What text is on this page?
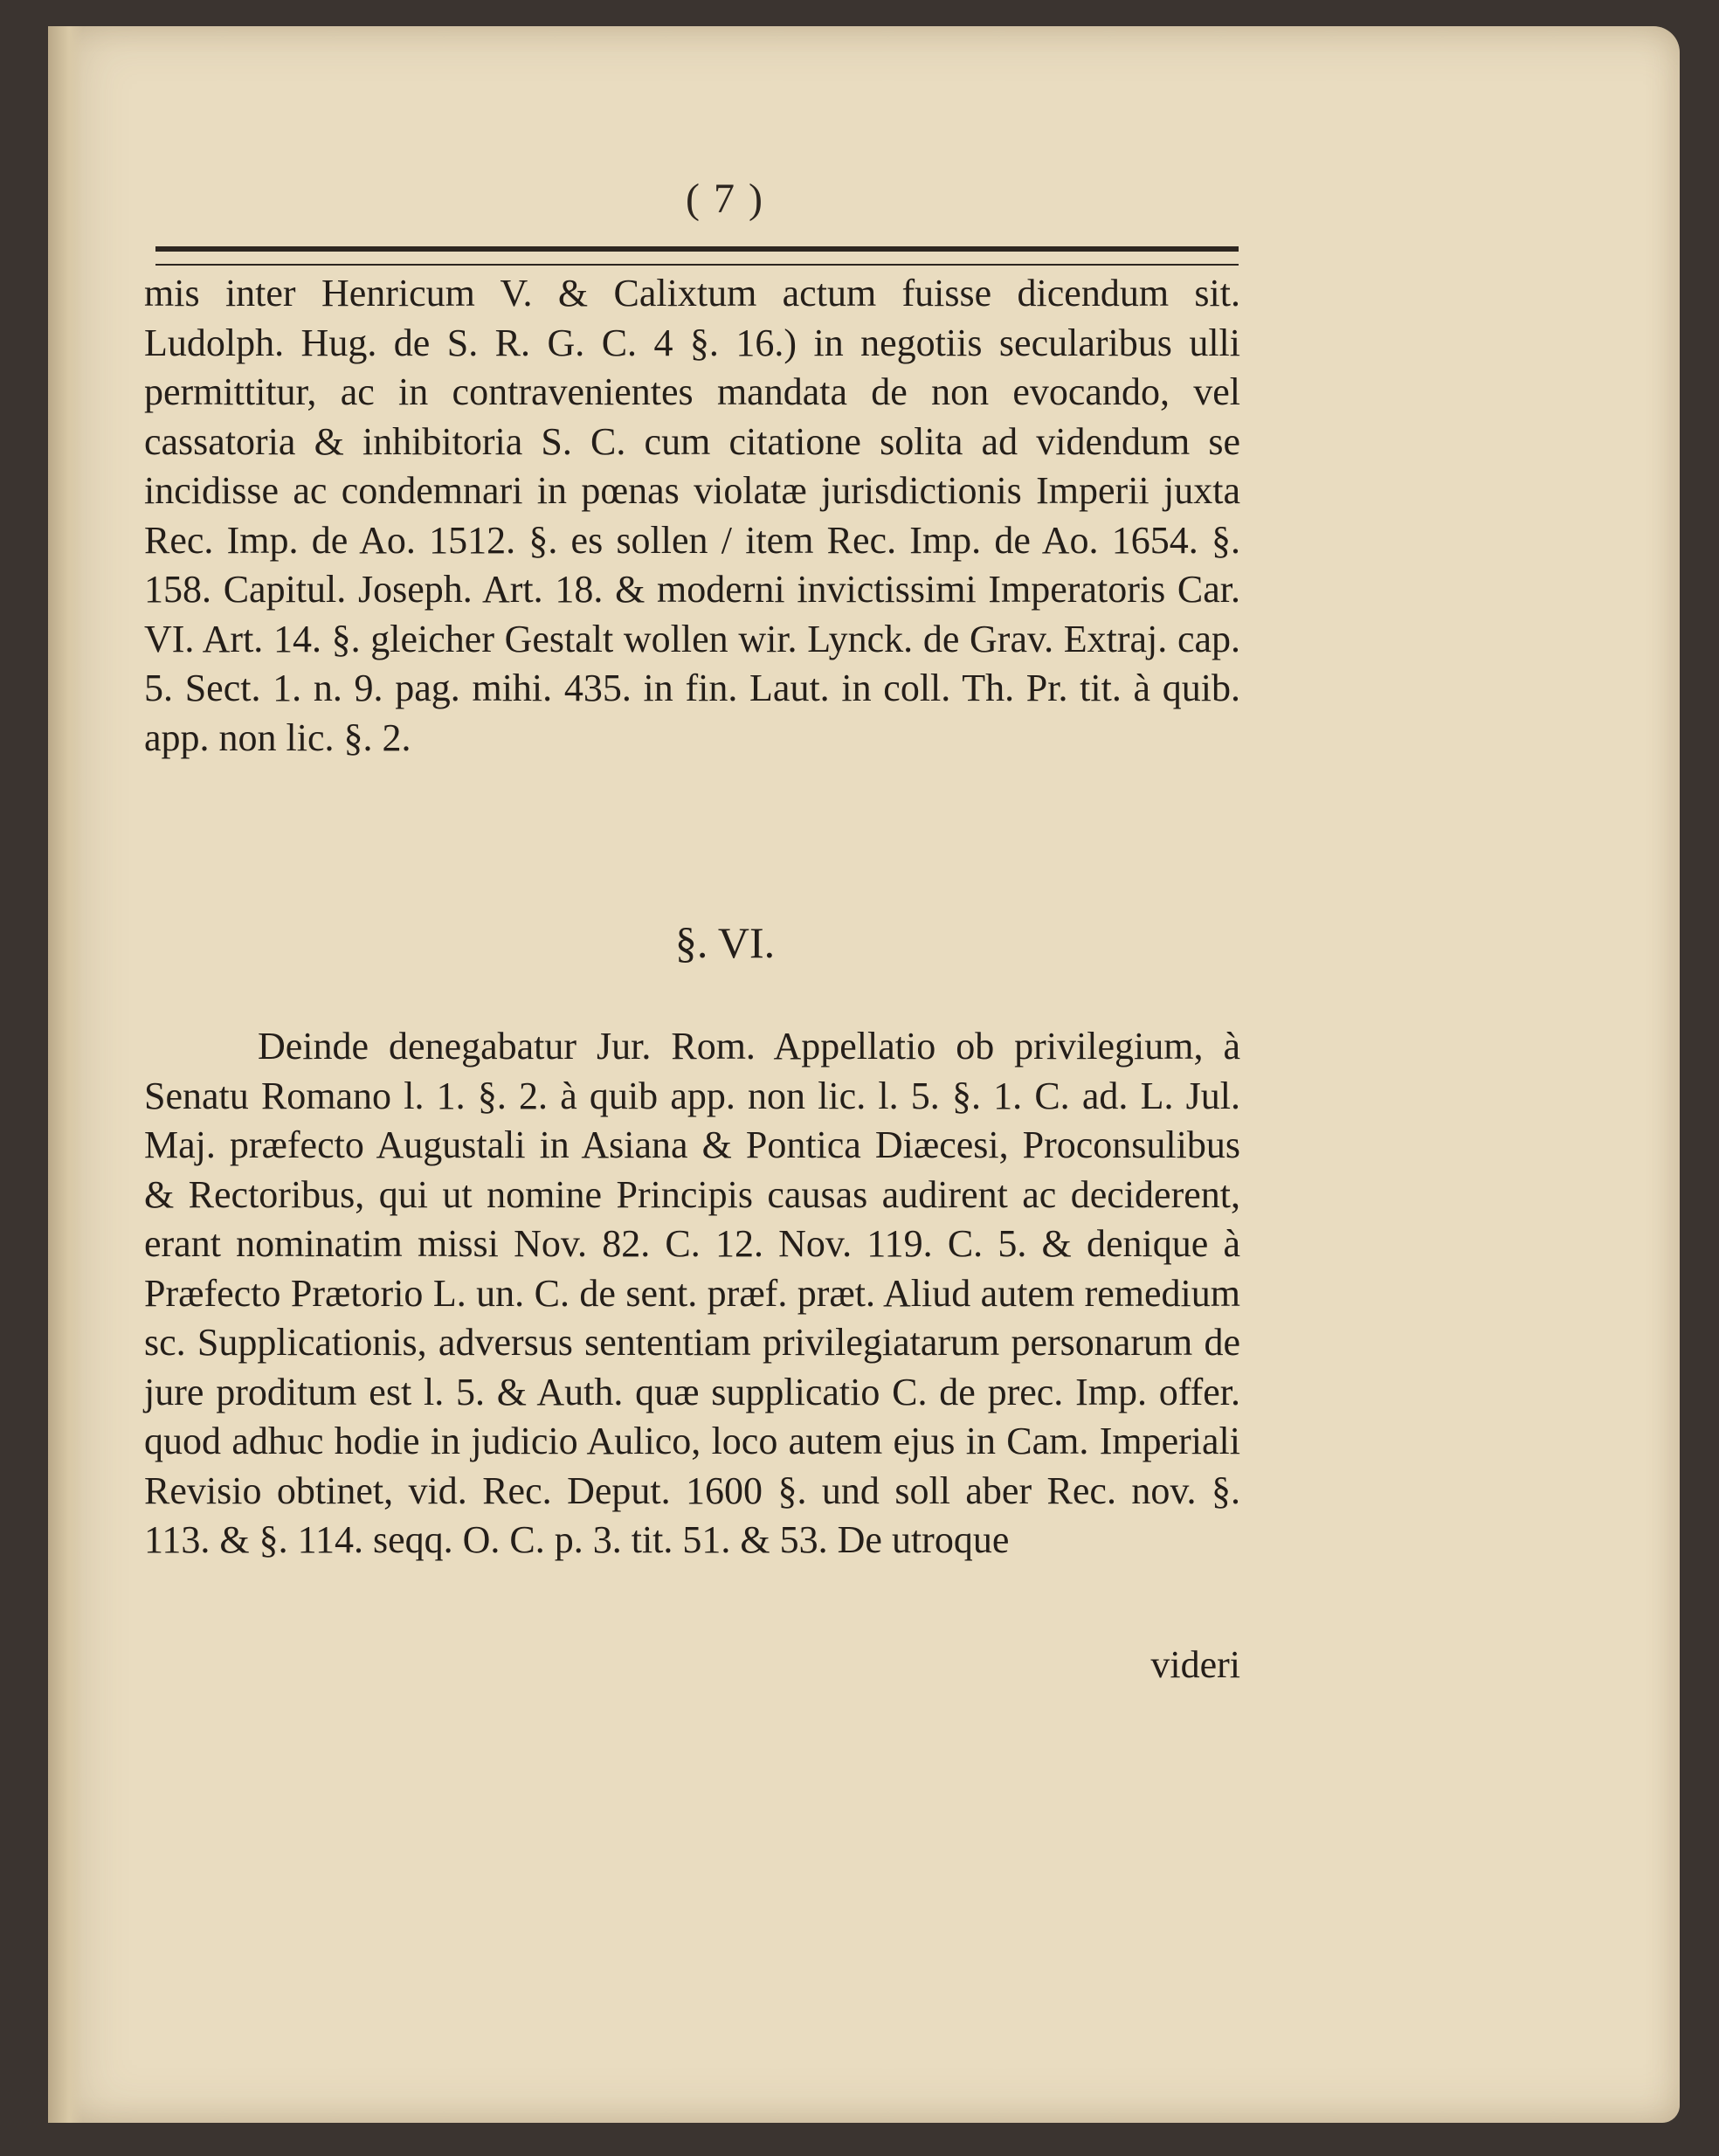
( 7 )

mis inter Henricum V. & Calixtum actum fuisse dicendum sit. Ludolph. Hug. de S. R. G. C. 4 §. 16.) in negotiis secularibus ulli permittitur, ac in contravenientes mandata de non evocando, vel cassatoria & inhibitoria S. C. cum citatione solita ad videndum se incidisse ac condemnari in pœnas violatæ jurisdictionis Imperii juxta Rec. Imp. de Ao. 1512. §. es sollen / item Rec. Imp. de Ao. 1654. §. 158. Capitul. Joseph. Art. 18. & moderni invictissimi Imperatoris Car. VI. Art. 14. §. gleicher Gestalt wollen wir. Lynck. de Grav. Extraj. cap. 5. Sect. 1. n. 9. pag. mihi. 435. in fin. Laut. in coll. Th. Pr. tit. à quib. app. non lic. §. 2.

§. VI.

Deinde denegabatur Jur. Rom. Appellatio ob privilegium, à Senatu Romano l. 1. §. 2. à quib app. non lic. l. 5. §. 1. C. ad. L. Jul. Maj. præfecto Augustali in Asiana & Pontica Diæcesi, Proconsulibus & Rectoribus, qui ut nomine Principis causas audirent ac deciderent, erant nominatim missi Nov. 82. C. 12. Nov. 119. C. 5. & denique à Præfecto Prætorio L. un. C. de sent. præf. præt. Aliud autem remedium sc. Supplicationis, adversus sententiam privilegiatarum personarum de jure proditum est l. 5. & Auth. quæ supplicatio C. de prec. Imp. offer. quod adhuc hodie in judicio Aulico, loco autem ejus in Cam. Imperiali Revisio obtinet, vid. Rec. Deput. 1600 §. und soll aber Rec. nov. §. 113. & §. 114. seqq. O. C. p. 3. tit. 51. & 53. De utroque

videri
